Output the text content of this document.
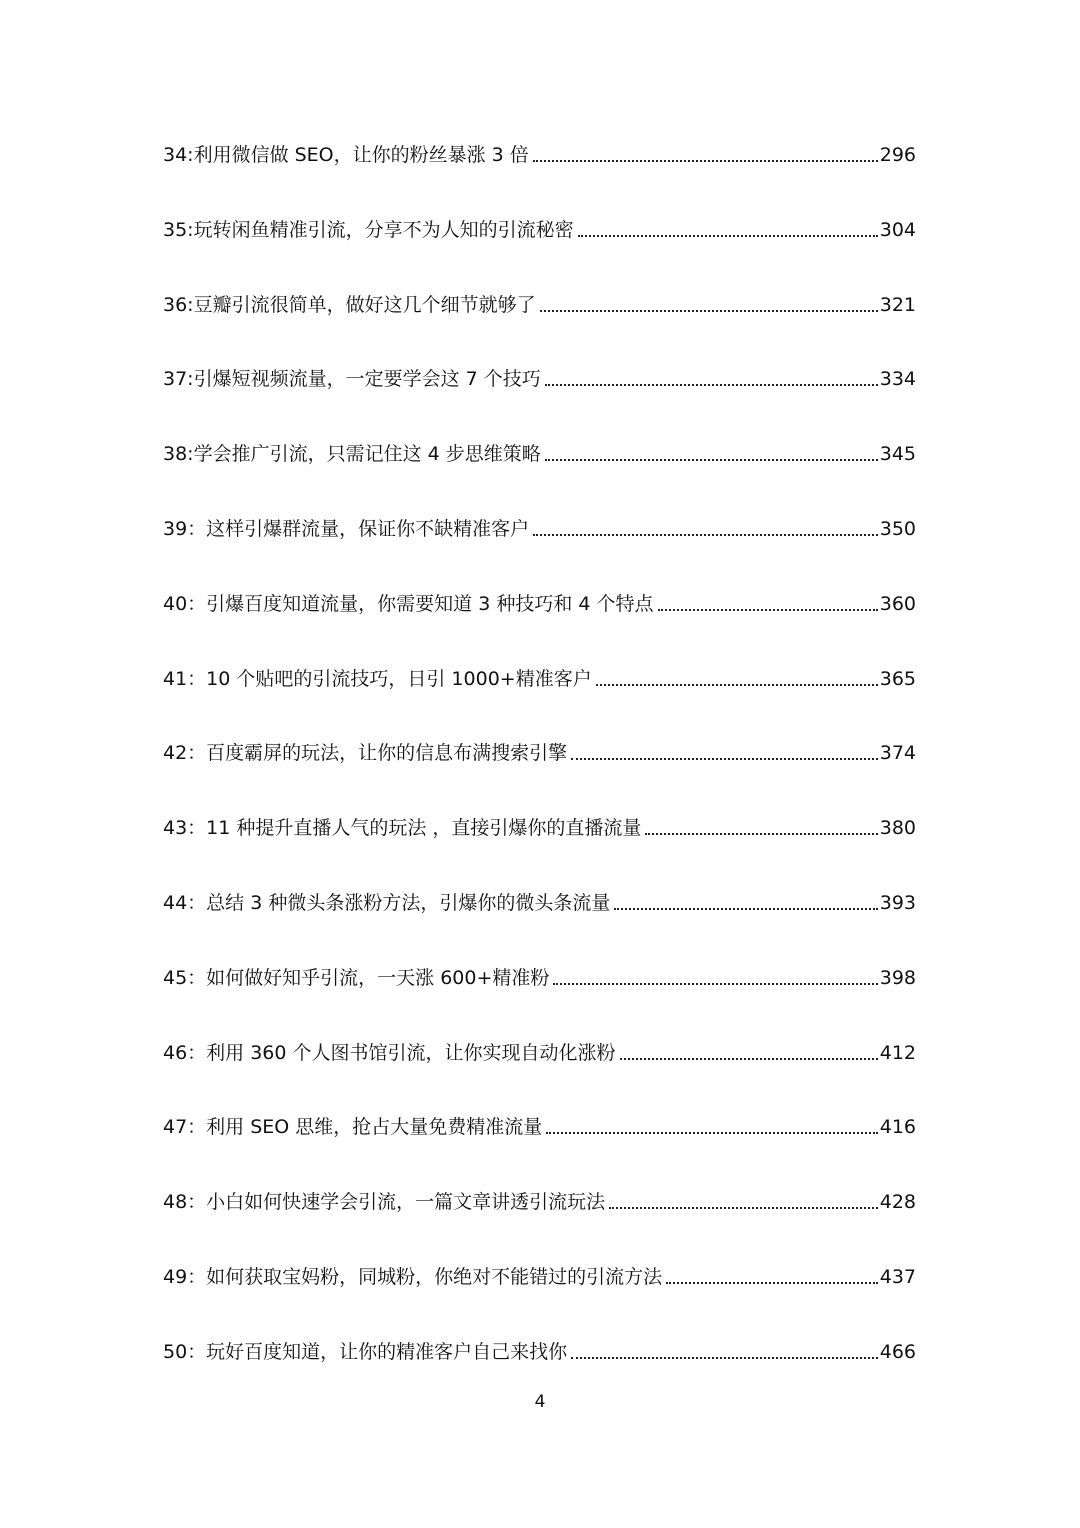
34:利用微信做 SEO，让你的粉丝暴涨 3 倍	296
35:玩转闲鱼精准引流，分享不为人知的引流秘密	304
36:豆瓣引流很简单，做好这几个细节就够了	321
37:引爆短视频流量，一定要学会这 7 个技巧	334
38:学会推广引流，只需记住这 4 步思维策略	345
39：这样引爆群流量，保证你不缺精准客户	350
40：引爆百度知道流量，你需要知道 3 种技巧和 4 个特点	360
41：10 个贴吧的引流技巧，日引 1000+精准客户	365
42：百度霸屏的玩法，让你的信息布满搜索引擎	374
43：11 种提升直播人气的玩法 ，直接引爆你的直播流量	380
44：总结 3 种微头条涨粉方法，引爆你的微头条流量	393
45：如何做好知乎引流，一天涨 600+精准粉	398
46：利用 360 个人图书馆引流，让你实现自动化涨粉	412
47：利用 SEO 思维，抢占大量免费精准流量	416
48：小白如何快速学会引流，一篇文章讲透引流玩法	428
49：如何获取宝妈粉，同城粉，你绝对不能错过的引流方法	437
50：玩好百度知道，让你的精准客户自己来找你	466
4
